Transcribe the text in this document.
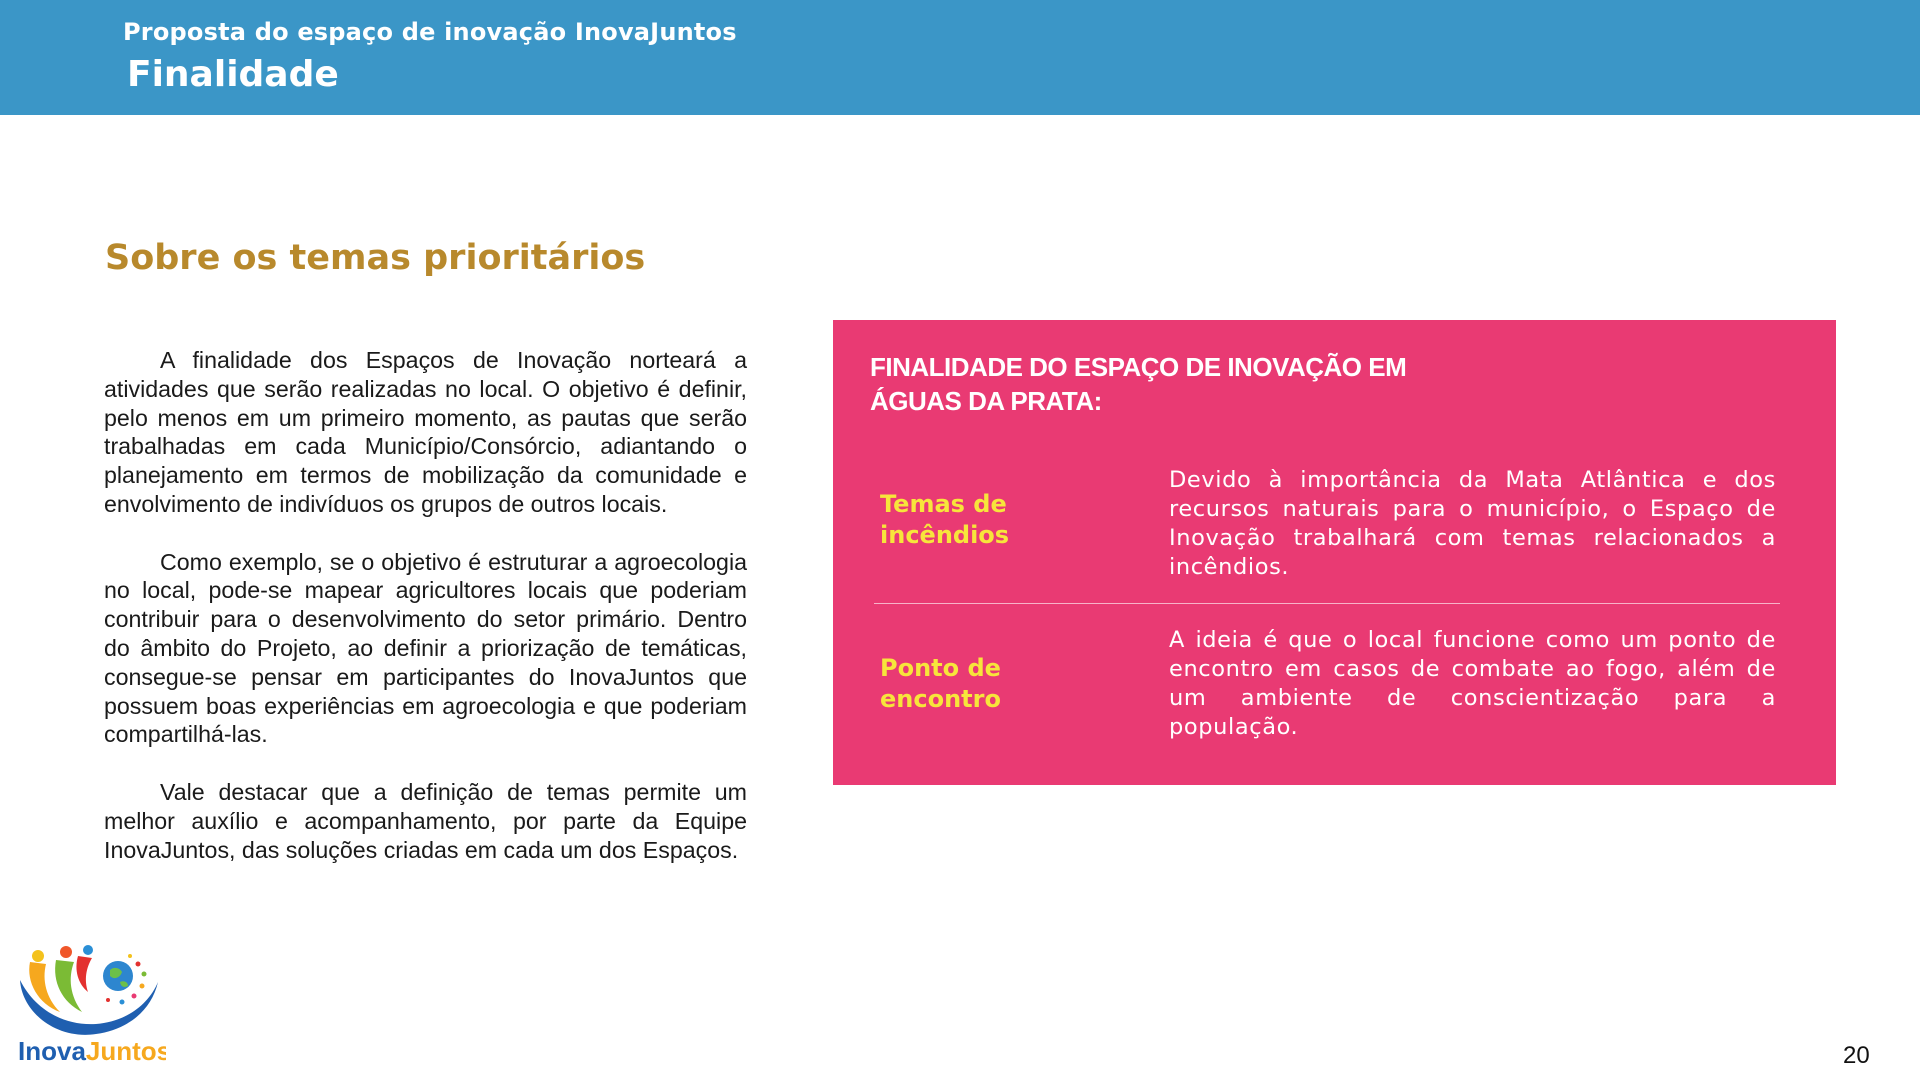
Proposta do espaço de inovação InovaJuntos
Finalidade
Sobre os temas prioritários

A finalidade dos Espaços de Inovação norteará a atividades que serão realizadas no local. O objetivo é definir, pelo menos em um primeiro momento, as pautas que serão trabalhadas em cada Município/Consórcio, adiantando o planejamento em termos de mobilização da comunidade e envolvimento de indivíduos os grupos de outros locais.

Como exemplo, se o objetivo é estruturar a agroecologia no local, pode-se mapear agricultores locais que poderiam contribuir para o desenvolvimento do setor primário. Dentro do âmbito do Projeto, ao definir a priorização de temáticas, consegue-se pensar em participantes do InovaJuntos que possuem boas experiências em agroecologia e que poderiam compartilhá-las.

Vale destacar que a definição de temas permite um melhor auxílio e acompanhamento, por parte da Equipe InovaJuntos, das soluções criadas em cada um dos Espaços.

FINALIDADE DO ESPAÇO DE INOVAÇÃO EM
ÁGUAS DA PRATA:
Temas de
incêndios
Devido à importância da Mata Atlântica e dos recursos naturais para o município, o Espaço de Inovação trabalhará com temas relacionados a incêndios.
Ponto de
encontro
A ideia é que o local funcione como um ponto de encontro em casos de combate ao fogo, além de um ambiente de conscientização para a população.
InovaJuntos	20
